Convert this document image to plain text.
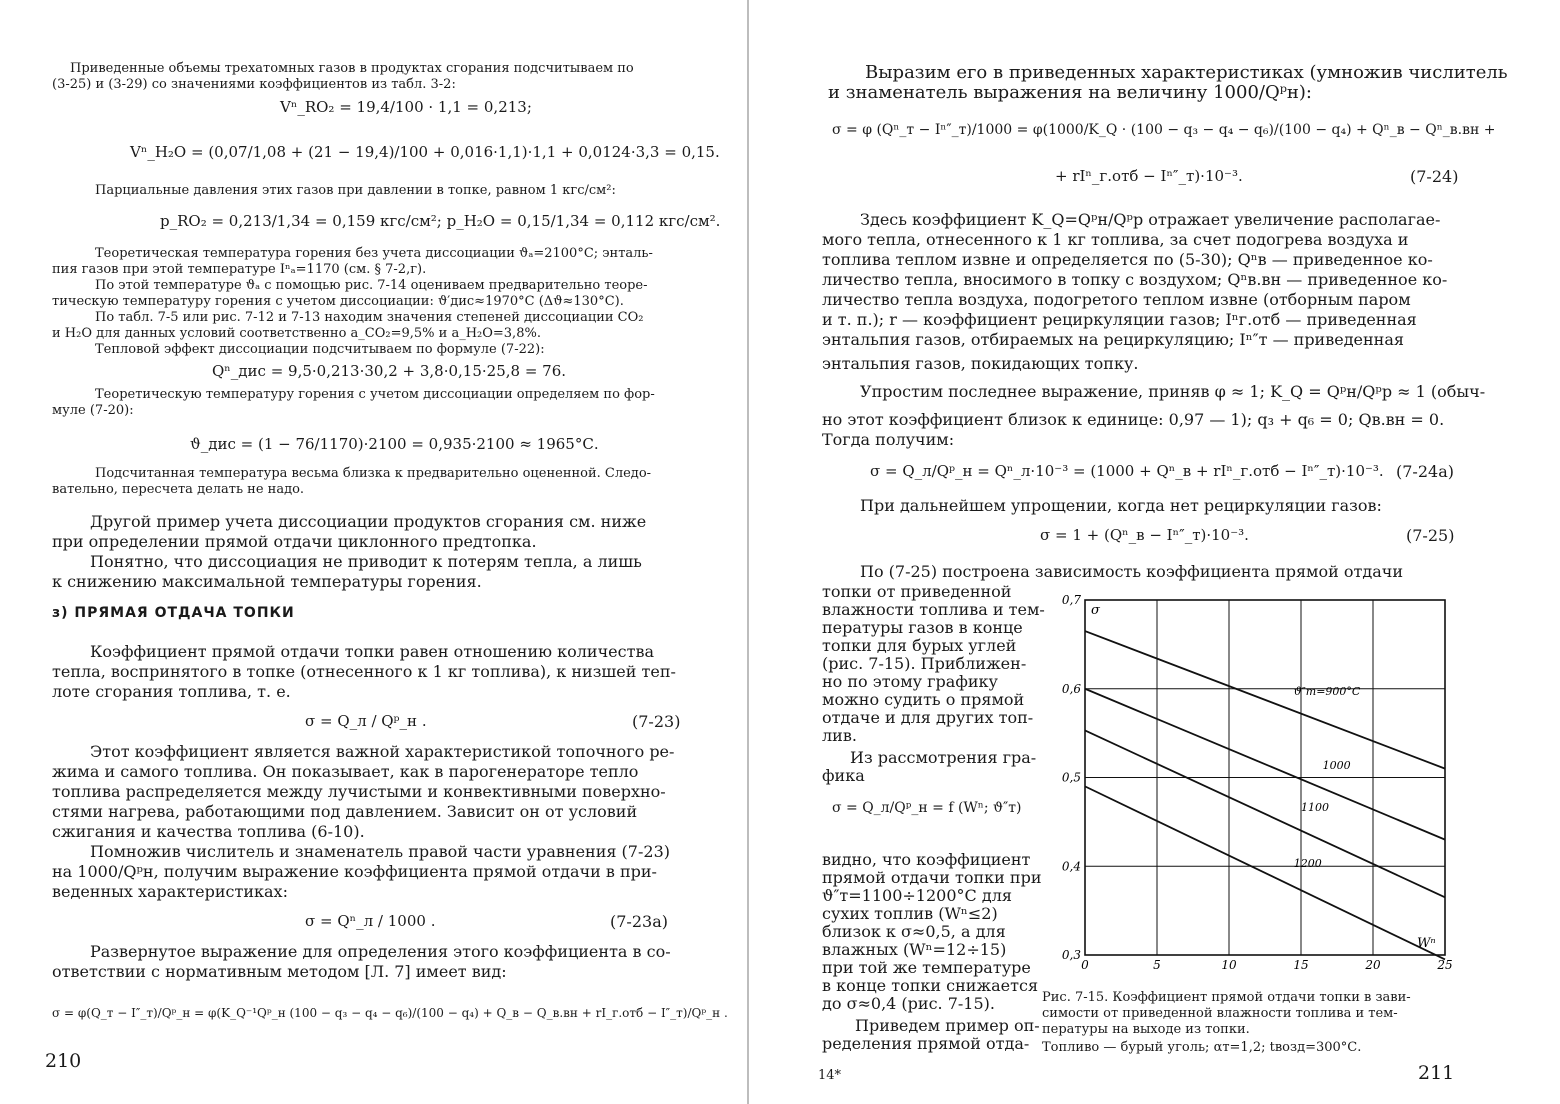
Приведенные объемы трехатомных газов в продуктах сгорания подсчитываем по
(3-25) и (3-29) со значениями коэффициентов из табл. 3-2:
Vⁿ_RO₂ = 19,4/100 · 1,1 = 0,213;
Vⁿ_H₂O = (0,07/1,08 + (21 − 19,4)/100 + 0,016·1,1)·1,1 + 0,0124·3,3 = 0,15.
Парциальные давления этих газов при давлении в топке, равном 1 кгс/см²:
p_RO₂ = 0,213/1,34 = 0,159 кгс/см²; p_H₂O = 0,15/1,34 = 0,112 кгс/см².
Теоретическая температура горения без учета диссоциации ϑₐ=2100°С; энталь-
пия газов при этой температуре Iⁿₐ=1170 (см. § 7-2,г).
По этой температуре ϑₐ с помощью рис. 7-14 оцениваем предварительно теоре-
тическую температуру горения с учетом диссоциации: ϑ′дис≈1970°С (Δϑ≈130°С).
По табл. 7-5 или рис. 7-12 и 7-13 находим значения степеней диссоциации CO₂
и H₂O для данных условий соответственно a_CO₂=9,5% и a_H₂O=3,8%.
Тепловой эффект диссоциации подсчитываем по формуле (7-22):
Qⁿ_дис = 9,5·0,213·30,2 + 3,8·0,15·25,8 = 76.
Теоретическую температуру горения с учетом диссоциации определяем по фор-
муле (7-20):
ϑ_дис = (1 − 76/1170)·2100 = 0,935·2100 ≈ 1965°С.
Подсчитанная температура весьма близка к предварительно оцененной. Следо-
вательно, пересчета делать не надо.
Другой пример учета диссоциации продуктов сгорания см. ниже
при определении прямой отдачи циклонного предтопка.
Понятно, что диссоциация не приводит к потерям тепла, а лишь
к снижению максимальной температуры горения.
з) ПРЯМАЯ ОТДАЧА ТОПКИ
Коэффициент прямой отдачи топки равен отношению количества
тепла, воспринятого в топке (отнесенного к 1 кг топлива), к низшей теп-
лоте сгорания топлива, т. е.
σ = Q_л / Qᵖ_н .	(7-23)
Этот коэффициент является важной характеристикой топочного ре-
жима и самого топлива. Он показывает, как в парогенераторе тепло
топлива распределяется между лучистыми и конвективными поверхно-
стями нагрева, работающими под давлением. Зависит он от условий
сжигания и качества топлива (6-10).
Помножив числитель и знаменатель правой части уравнения (7-23)
на 1000/Qᵖн, получим выражение коэффициента прямой отдачи в при-
веденных характеристиках:
σ = Qⁿ_л / 1000 .	(7-23а)
Развернутое выражение для определения этого коэффициента в со-
ответствии с нормативным методом [Л. 7] имеет вид:
σ = φ(Q_т − I″_т)/Qᵖ_н = φ(K_Q⁻¹Qᵖ_н (100 − q₃ − q₄ − q₆)/(100 − q₄) + Q_в − Q_в.вн + rI_г.отб − I″_т)/Qᵖ_н .
210
Выразим его в приведенных характеристиках (умножив числитель
и знаменатель выражения на величину 1000/Qᵖн):
σ = φ (Qⁿ_т − Iⁿ″_т)/1000 = φ(1000/K_Q · (100 − q₃ − q₄ − q₆)/(100 − q₄) + Qⁿ_в − Qⁿ_в.вн +
+ rIⁿ_г.отб − Iⁿ″_т)·10⁻³.	(7-24)
Здесь коэффициент K_Q=Qᵖн/Qᵖр отражает увеличение располагае-
мого тепла, отнесенного к 1 кг топлива, за счет подогрева воздуха и
топлива теплом извне и определяется по (5-30); Qⁿв — приведенное ко-
личество тепла, вносимого в топку с воздухом; Qⁿв.вн — приведенное ко-
личество тепла воздуха, подогретого теплом извне (отборным паром
и т. п.); r — коэффициент рециркуляции газов; Iⁿг.отб — приведенная
энтальпия газов, отбираемых на рециркуляцию; Iⁿ″т — приведенная
энтальпия газов, покидающих топку.
Упростим последнее выражение, приняв φ ≈ 1; K_Q = Qᵖн/Qᵖр ≈ 1 (обыч-
но этот коэффициент близок к единице: 0,97 — 1); q₃ + q₆ = 0; Qв.вн = 0.
Тогда получим:
σ = Q_л/Qᵖ_н = Qⁿ_л·10⁻³ = (1000 + Qⁿ_в + rIⁿ_г.отб − Iⁿ″_т)·10⁻³. (7-24а)
При дальнейшем упрощении, когда нет рециркуляции газов:
σ = 1 + (Qⁿ_в − Iⁿ″_т)·10⁻³.	(7-25)
По (7-25) построена зависимость коэффициента прямой отдачи
топки от приведенной
влажности топлива и тем-
пературы газов в конце
топки для бурых углей
(рис. 7-15). Приближен-
но по этому графику
можно судить о прямой
отдаче и для других топ-
лив.
Из рассмотрения гра-
фика
σ = Q_л/Qᵖ_н = f (Wⁿ; ϑ″т)
видно, что коэффициент
прямой отдачи топки при
ϑ″т=1100÷1200°С для
сухих топлив (Wⁿ≤2)
близок к σ≈0,5, а для
влажных (Wⁿ=12÷15)
при той же температуре
в конце топки снижается
до σ≈0,4 (рис. 7-15).
Приведем пример оп-
ределения прямой отда-
0	5	10	15	20	25
0,3
0,4
0,5
0,6
0,7
σ
Wⁿ
ϑ″т=900°С
1000
1100
1200
Рис. 7-15. Коэффициент прямой отдачи топки в зави-
симости от приведенной влажности топлива и тем-
пературы на выходе из топки.
Топливо — бурый уголь; αт=1,2; tвозд=300°С.
14*	211
